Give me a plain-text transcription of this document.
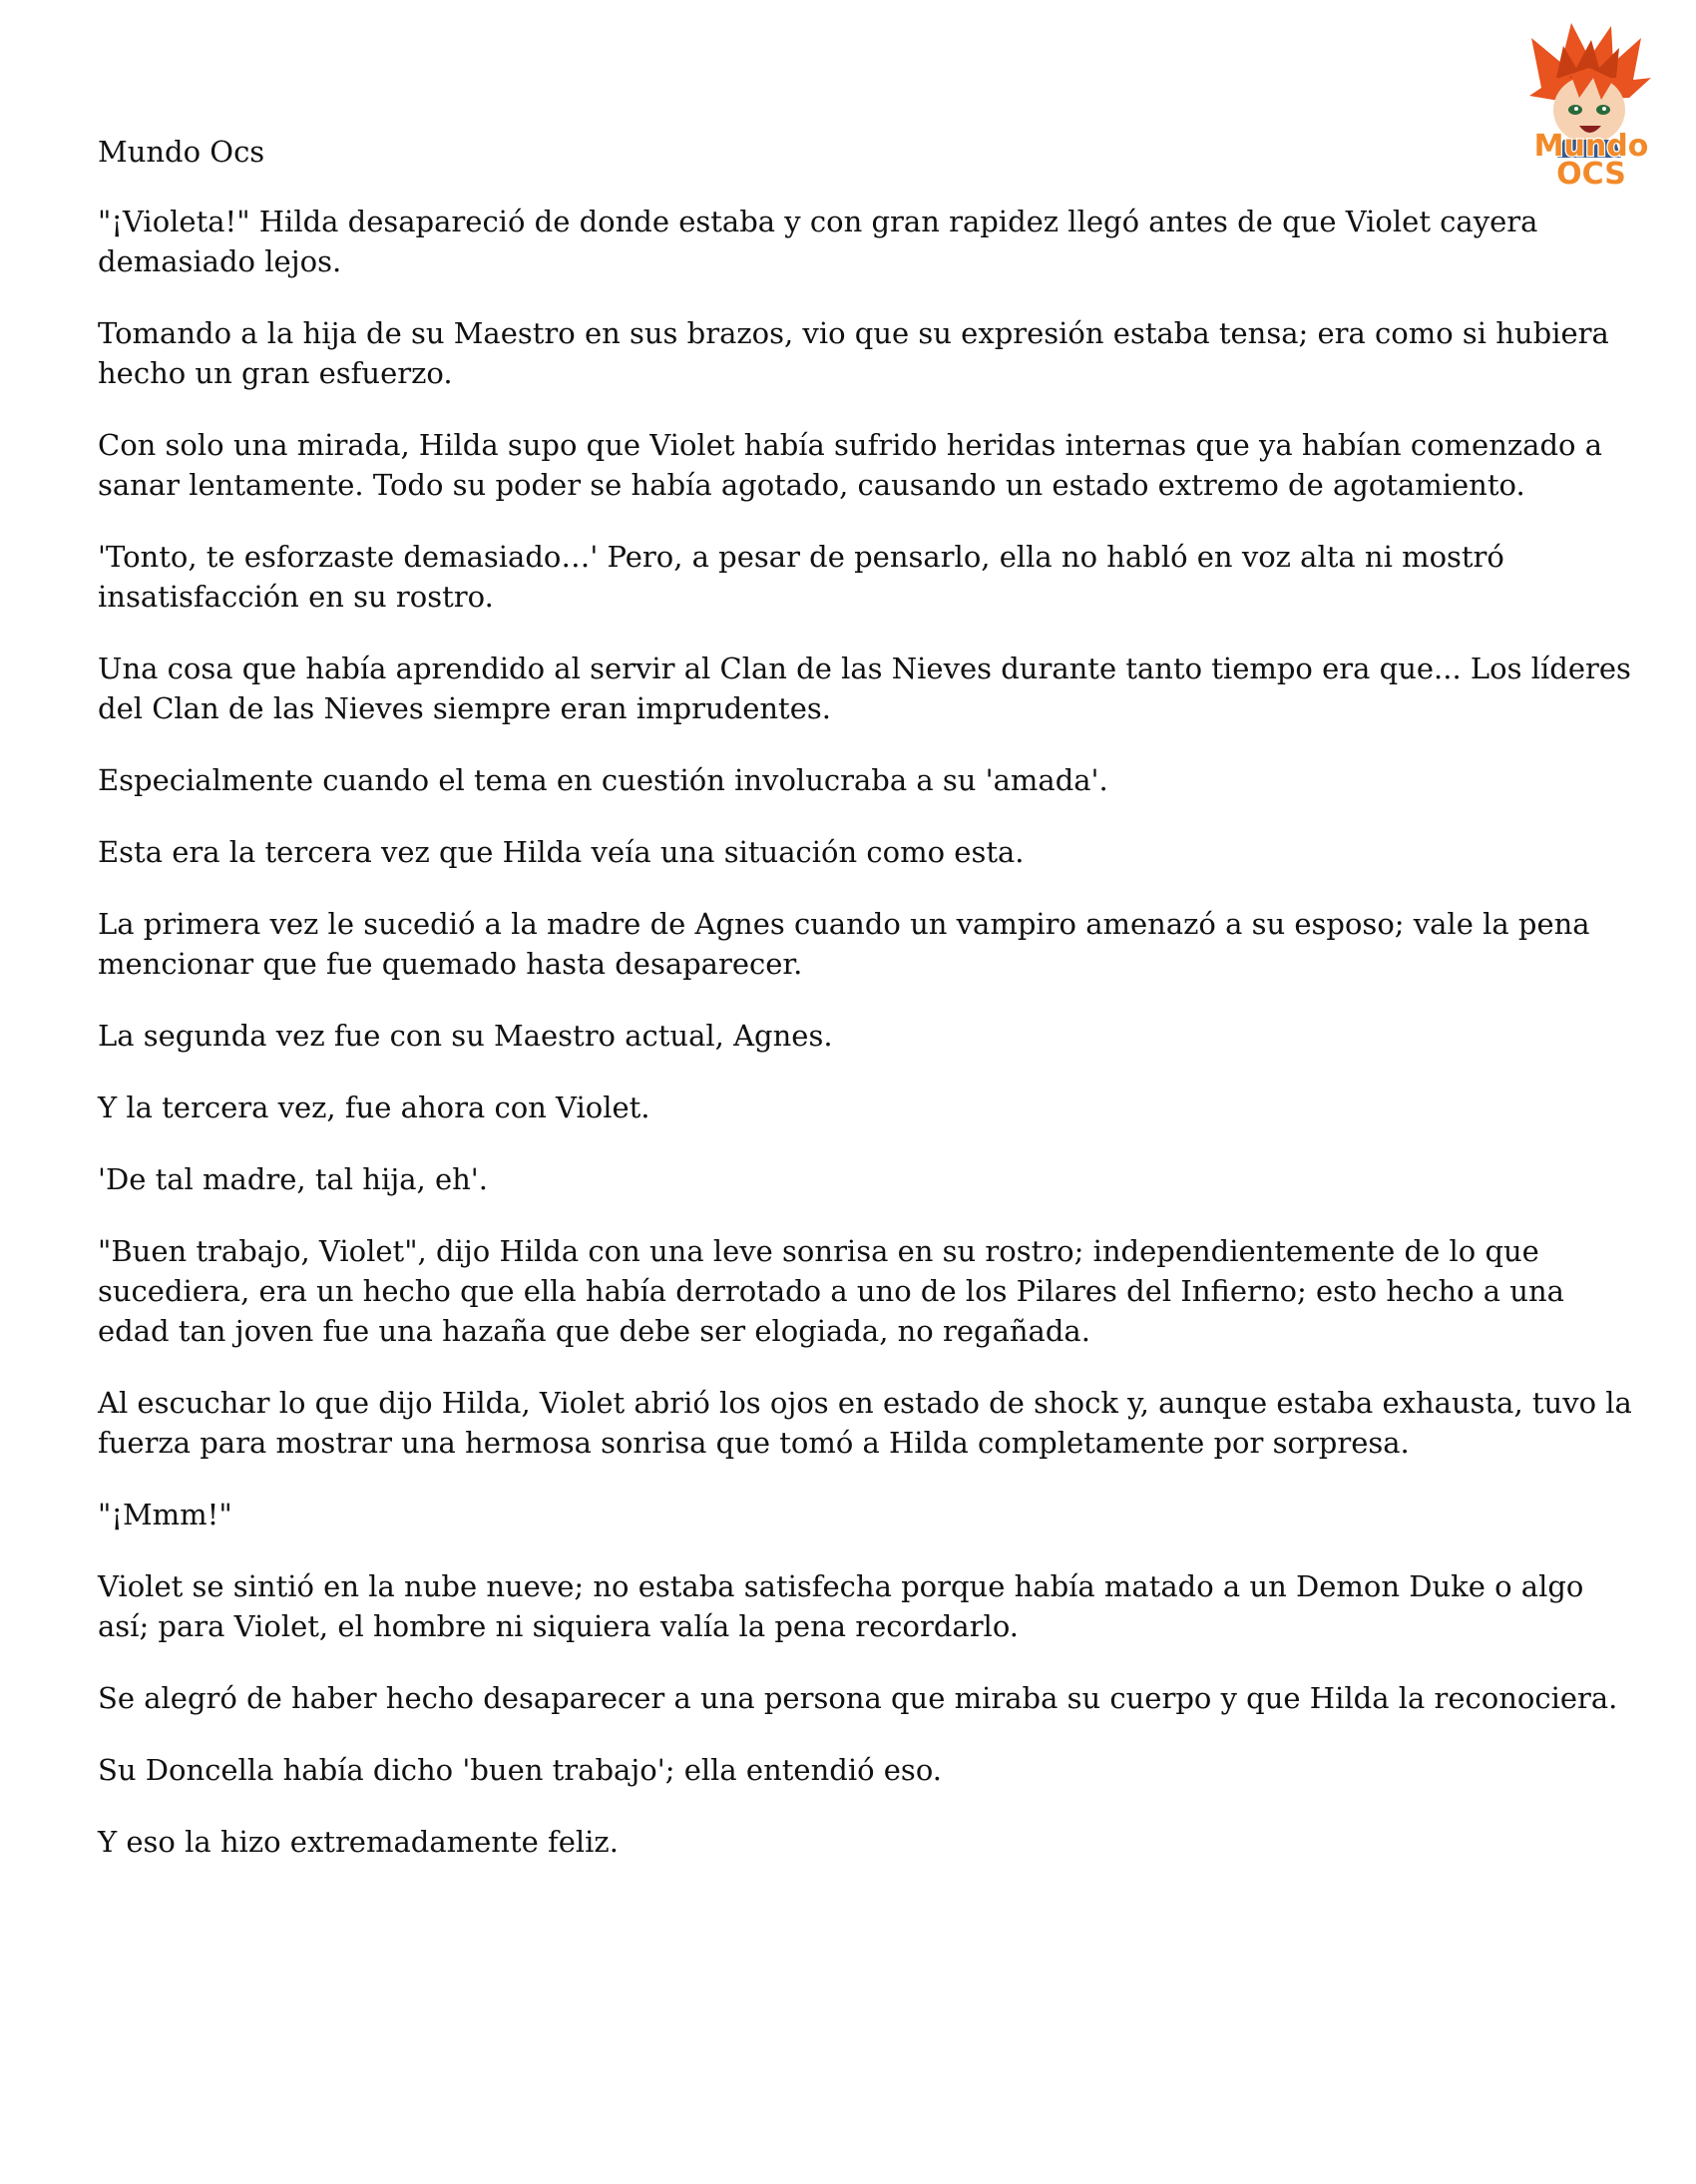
Mundo
OCS
Mundo Ocs

"¡Violeta!" Hilda desapareció de donde estaba y con gran rapidez llegó antes de que Violet cayera demasiado lejos.

Tomando a la hija de su Maestro en sus brazos, vio que su expresión estaba tensa; era como si hubiera hecho un gran esfuerzo.

Con solo una mirada, Hilda supo que Violet había sufrido heridas internas que ya habían comenzado a sanar lentamente. Todo su poder se había agotado, causando un estado extremo de agotamiento.

'Tonto, te esforzaste demasiado…' Pero, a pesar de pensarlo, ella no habló en voz alta ni mostró insatisfacción en su rostro.

Una cosa que había aprendido al servir al Clan de las Nieves durante tanto tiempo era que... Los líderes del Clan de las Nieves siempre eran imprudentes.

Especialmente cuando el tema en cuestión involucraba a su 'amada'.

Esta era la tercera vez que Hilda veía una situación como esta.

La primera vez le sucedió a la madre de Agnes cuando un vampiro amenazó a su esposo; vale la pena mencionar que fue quemado hasta desaparecer.

La segunda vez fue con su Maestro actual, Agnes.

Y la tercera vez, fue ahora con Violet.

'De tal madre, tal hija, eh'.

"Buen trabajo, Violet", dijo Hilda con una leve sonrisa en su rostro; independientemente de lo que sucediera, era un hecho que ella había derrotado a uno de los Pilares del Infierno; esto hecho a una edad tan joven fue una hazaña que debe ser elogiada, no regañada.

Al escuchar lo que dijo Hilda, Violet abrió los ojos en estado de shock y, aunque estaba exhausta, tuvo la fuerza para mostrar una hermosa sonrisa que tomó a Hilda completamente por sorpresa.

"¡Mmm!"

Violet se sintió en la nube nueve; no estaba satisfecha porque había matado a un Demon Duke o algo así; para Violet, el hombre ni siquiera valía la pena recordarlo.

Se alegró de haber hecho desaparecer a una persona que miraba su cuerpo y que Hilda la reconociera.

Su Doncella había dicho 'buen trabajo'; ella entendió eso.

Y eso la hizo extremadamente feliz.
